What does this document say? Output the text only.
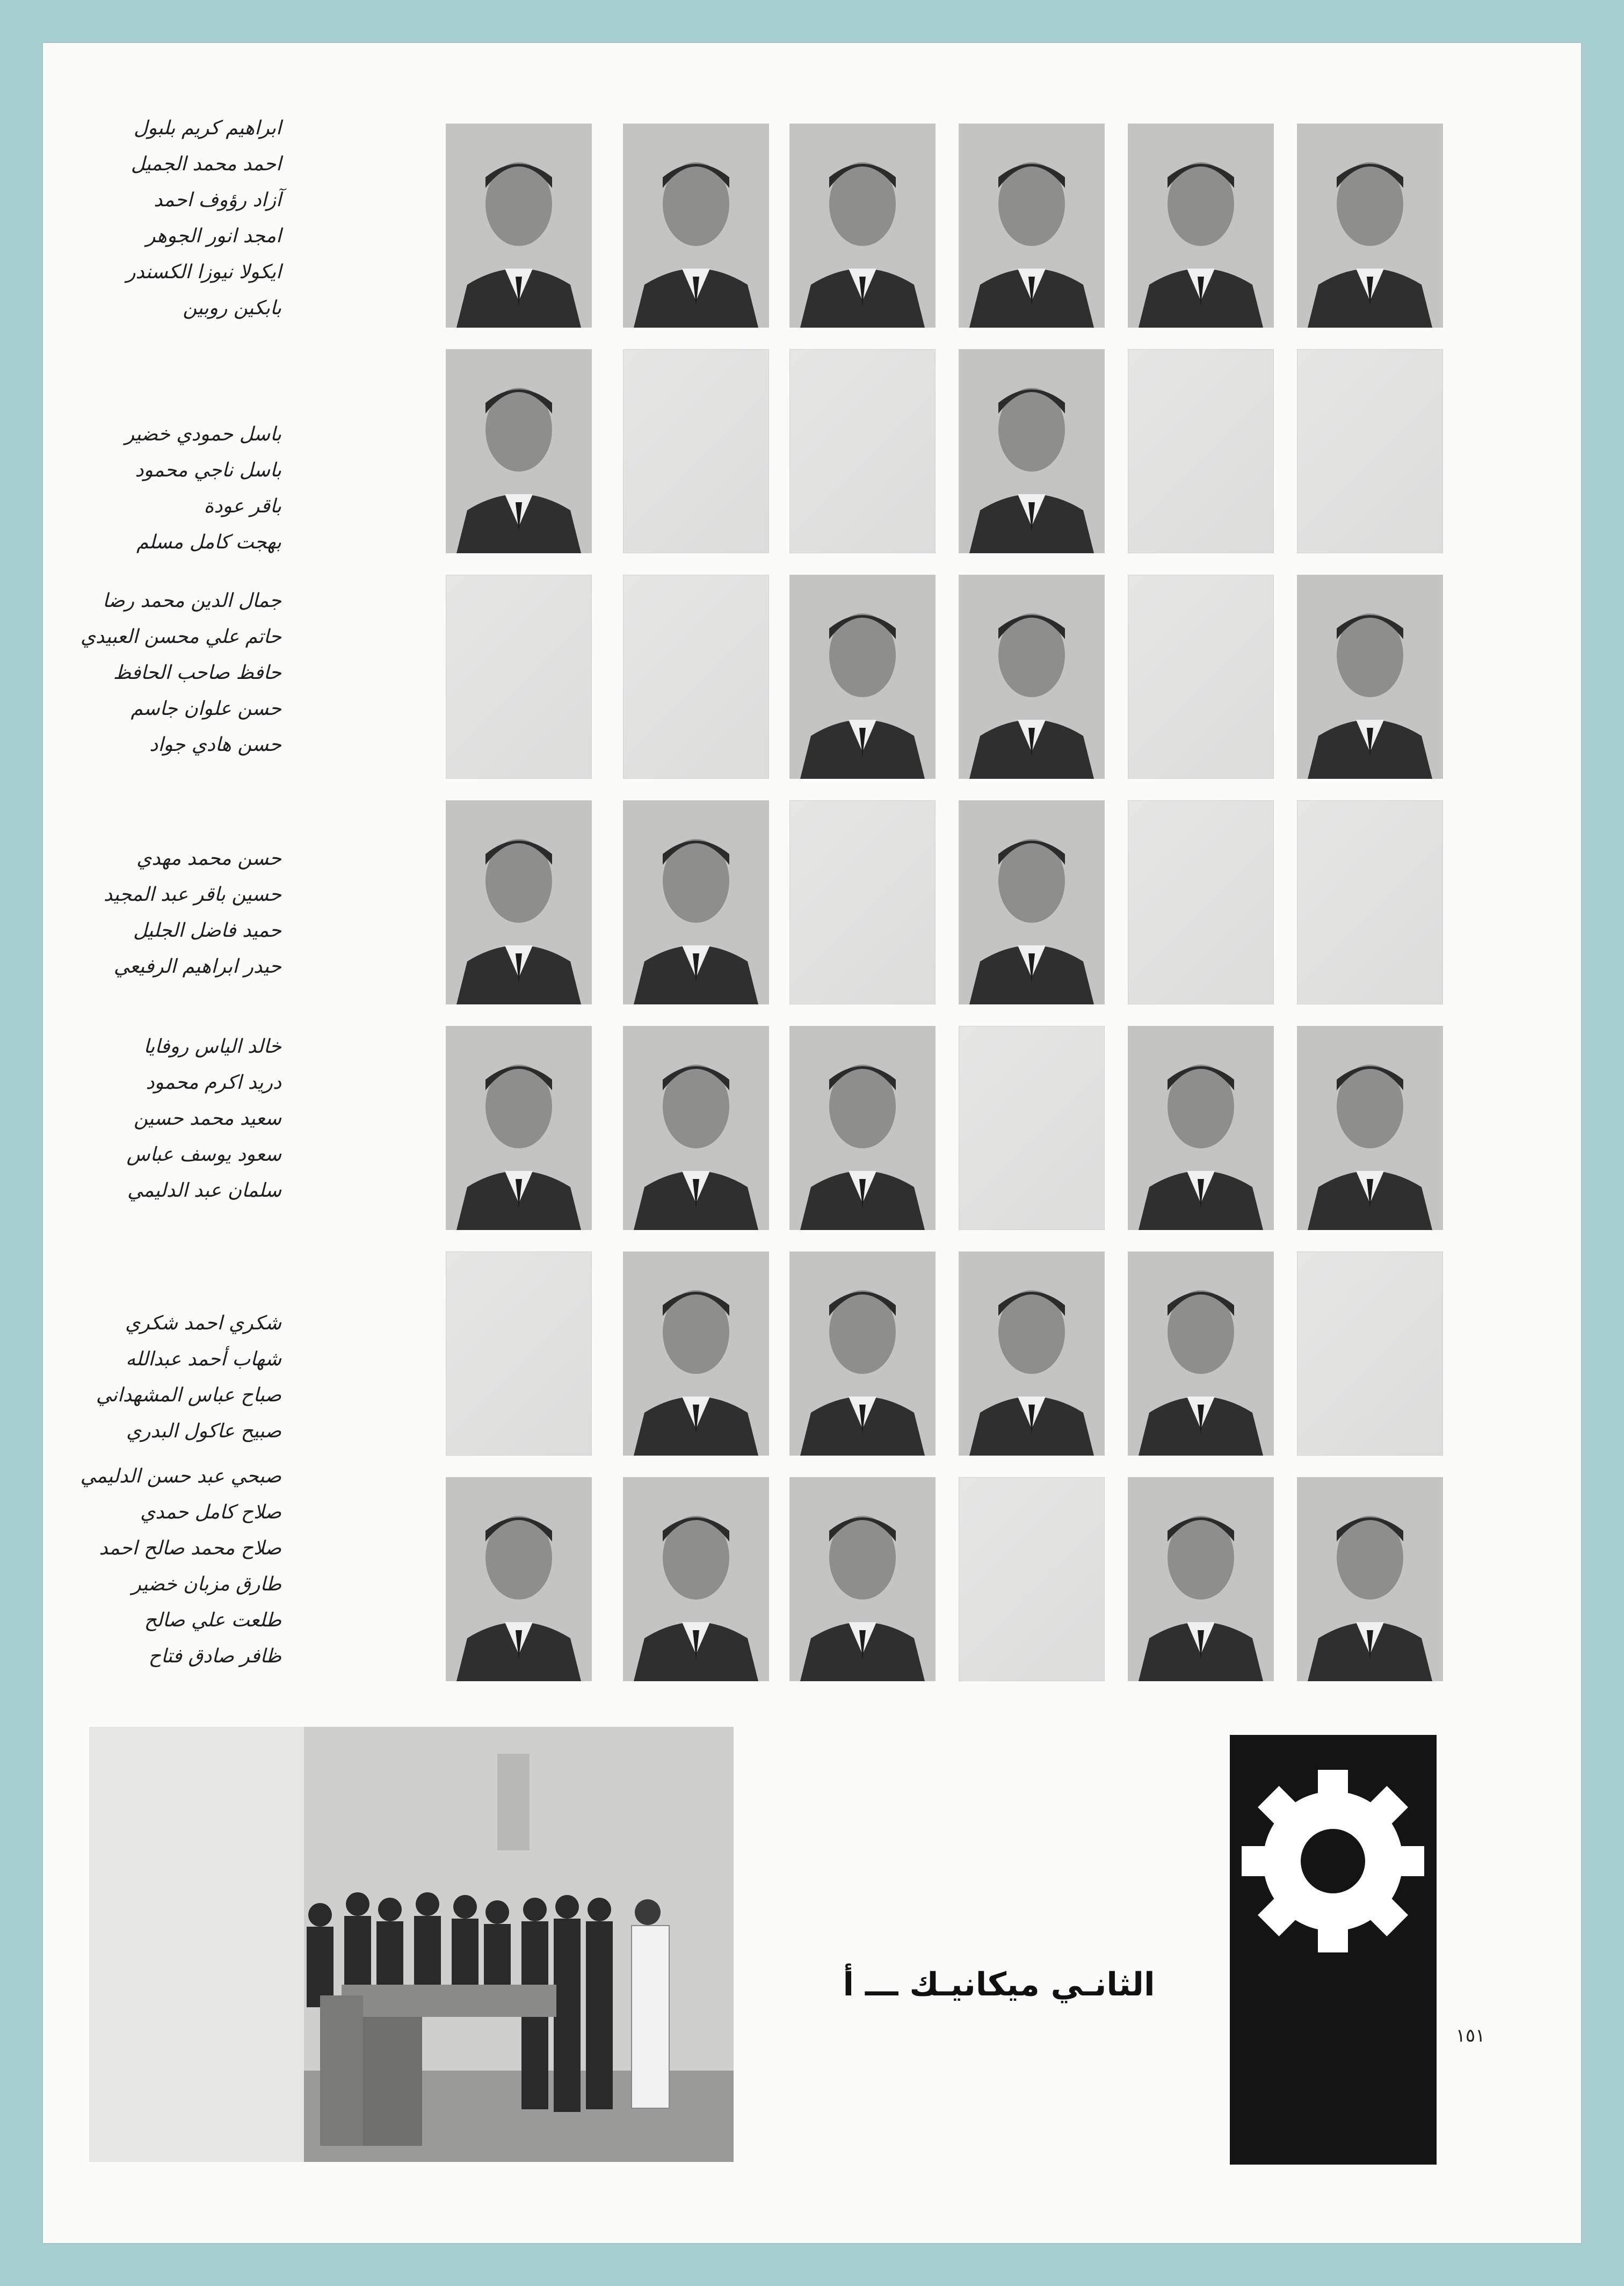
ابراهيم كريم بلبول
احمد محمد الجميل
آزاد رؤوف احمد
امجد انور الجوهر
ايكولا نيوزا الكسندر
بابكين روبين
باسل حمودي خضير
باسل ناجي محمود
باقر عودة
بهجت كامل مسلم
جمال الدين محمد رضا
حاتم علي محسن العبيدي
حافظ صاحب الحافظ
حسن علوان جاسم
حسن هادي جواد
حسن محمد مهدي
حسين باقر عبد المجيد
حميد فاضل الجليل
حيدر ابراهيم الرفيعي
خالد الياس روفايا
دريد اكرم محمود
سعيد محمد حسين
سعود يوسف عباس
سلمان عبد الدليمي
شكري احمد شكري
شهاب أحمد عبدالله
صباح عباس المشهداني
صبيح عاكول البدري
صبحي عبد حسن الدليمي
صلاح كامل حمدي
صلاح محمد صالح احمد
طارق مزبان خضير
طلعت علي صالح
ظافر صادق فتاح
الثانـي ميكانيـك ـــ أ
١٥١
